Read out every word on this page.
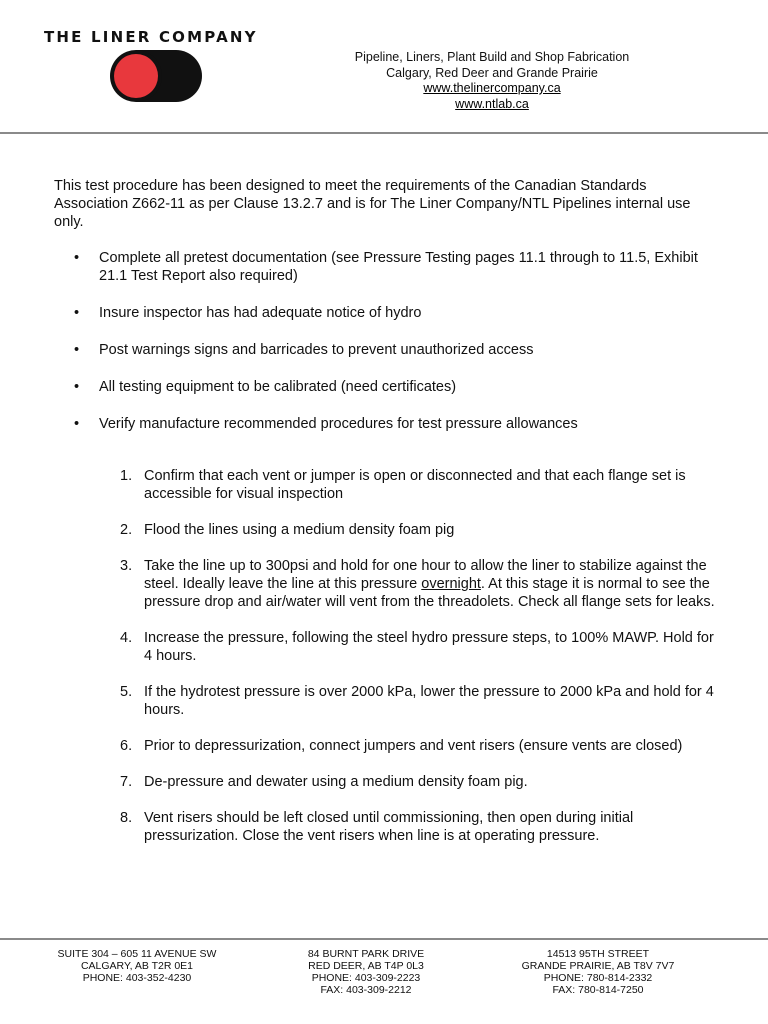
THE LINER COMPANY
Pipeline, Liners, Plant Build and Shop Fabrication
Calgary, Red Deer and Grande Prairie
www.thelinercompany.ca
www.ntlab.ca

This test procedure has been designed to meet the requirements of the Canadian Standards Association Z662-11 as per Clause 13.2.7 and is for The Liner Company/NTL Pipelines internal use only.

• Complete all pretest documentation (see Pressure Testing pages 11.1 through to 11.5, Exhibit 21.1 Test Report also required)
• Insure inspector has had adequate notice of hydro
• Post warnings signs and barricades to prevent unauthorized access
• All testing equipment to be calibrated (need certificates)
• Verify manufacture recommended procedures for test pressure allowances
1. Confirm that each vent or jumper is open or disconnected and that each flange set is accessible for visual inspection
2. Flood the lines using a medium density foam pig
3. Take the line up to 300psi and hold for one hour to allow the liner to stabilize against the steel. Ideally leave the line at this pressure overnight. At this stage it is normal to see the pressure drop and air/water will vent from the threadolets. Check all flange sets for leaks.
4. Increase the pressure, following the steel hydro pressure steps, to 100% MAWP. Hold for 4 hours.
5. If the hydrotest pressure is over 2000 kPa, lower the pressure to 2000 kPa and hold for 4 hours.
6. Prior to depressurization, connect jumpers and vent risers (ensure vents are closed)
7. De-pressure and dewater using a medium density foam pig.
8. Vent risers should be left closed until commissioning, then open during initial pressurization. Close the vent risers when line is at operating pressure.
SUITE 304 – 605 11 AVENUE SW
CALGARY, AB T2R 0E1
PHONE: 403-352-4230
84 BURNT PARK DRIVE
RED DEER, AB T4P 0L3
PHONE: 403-309-2223
FAX: 403-309-2212
14513 95TH STREET
GRANDE PRAIRIE, AB T8V 7V7
PHONE: 780-814-2332
FAX: 780-814-7250
